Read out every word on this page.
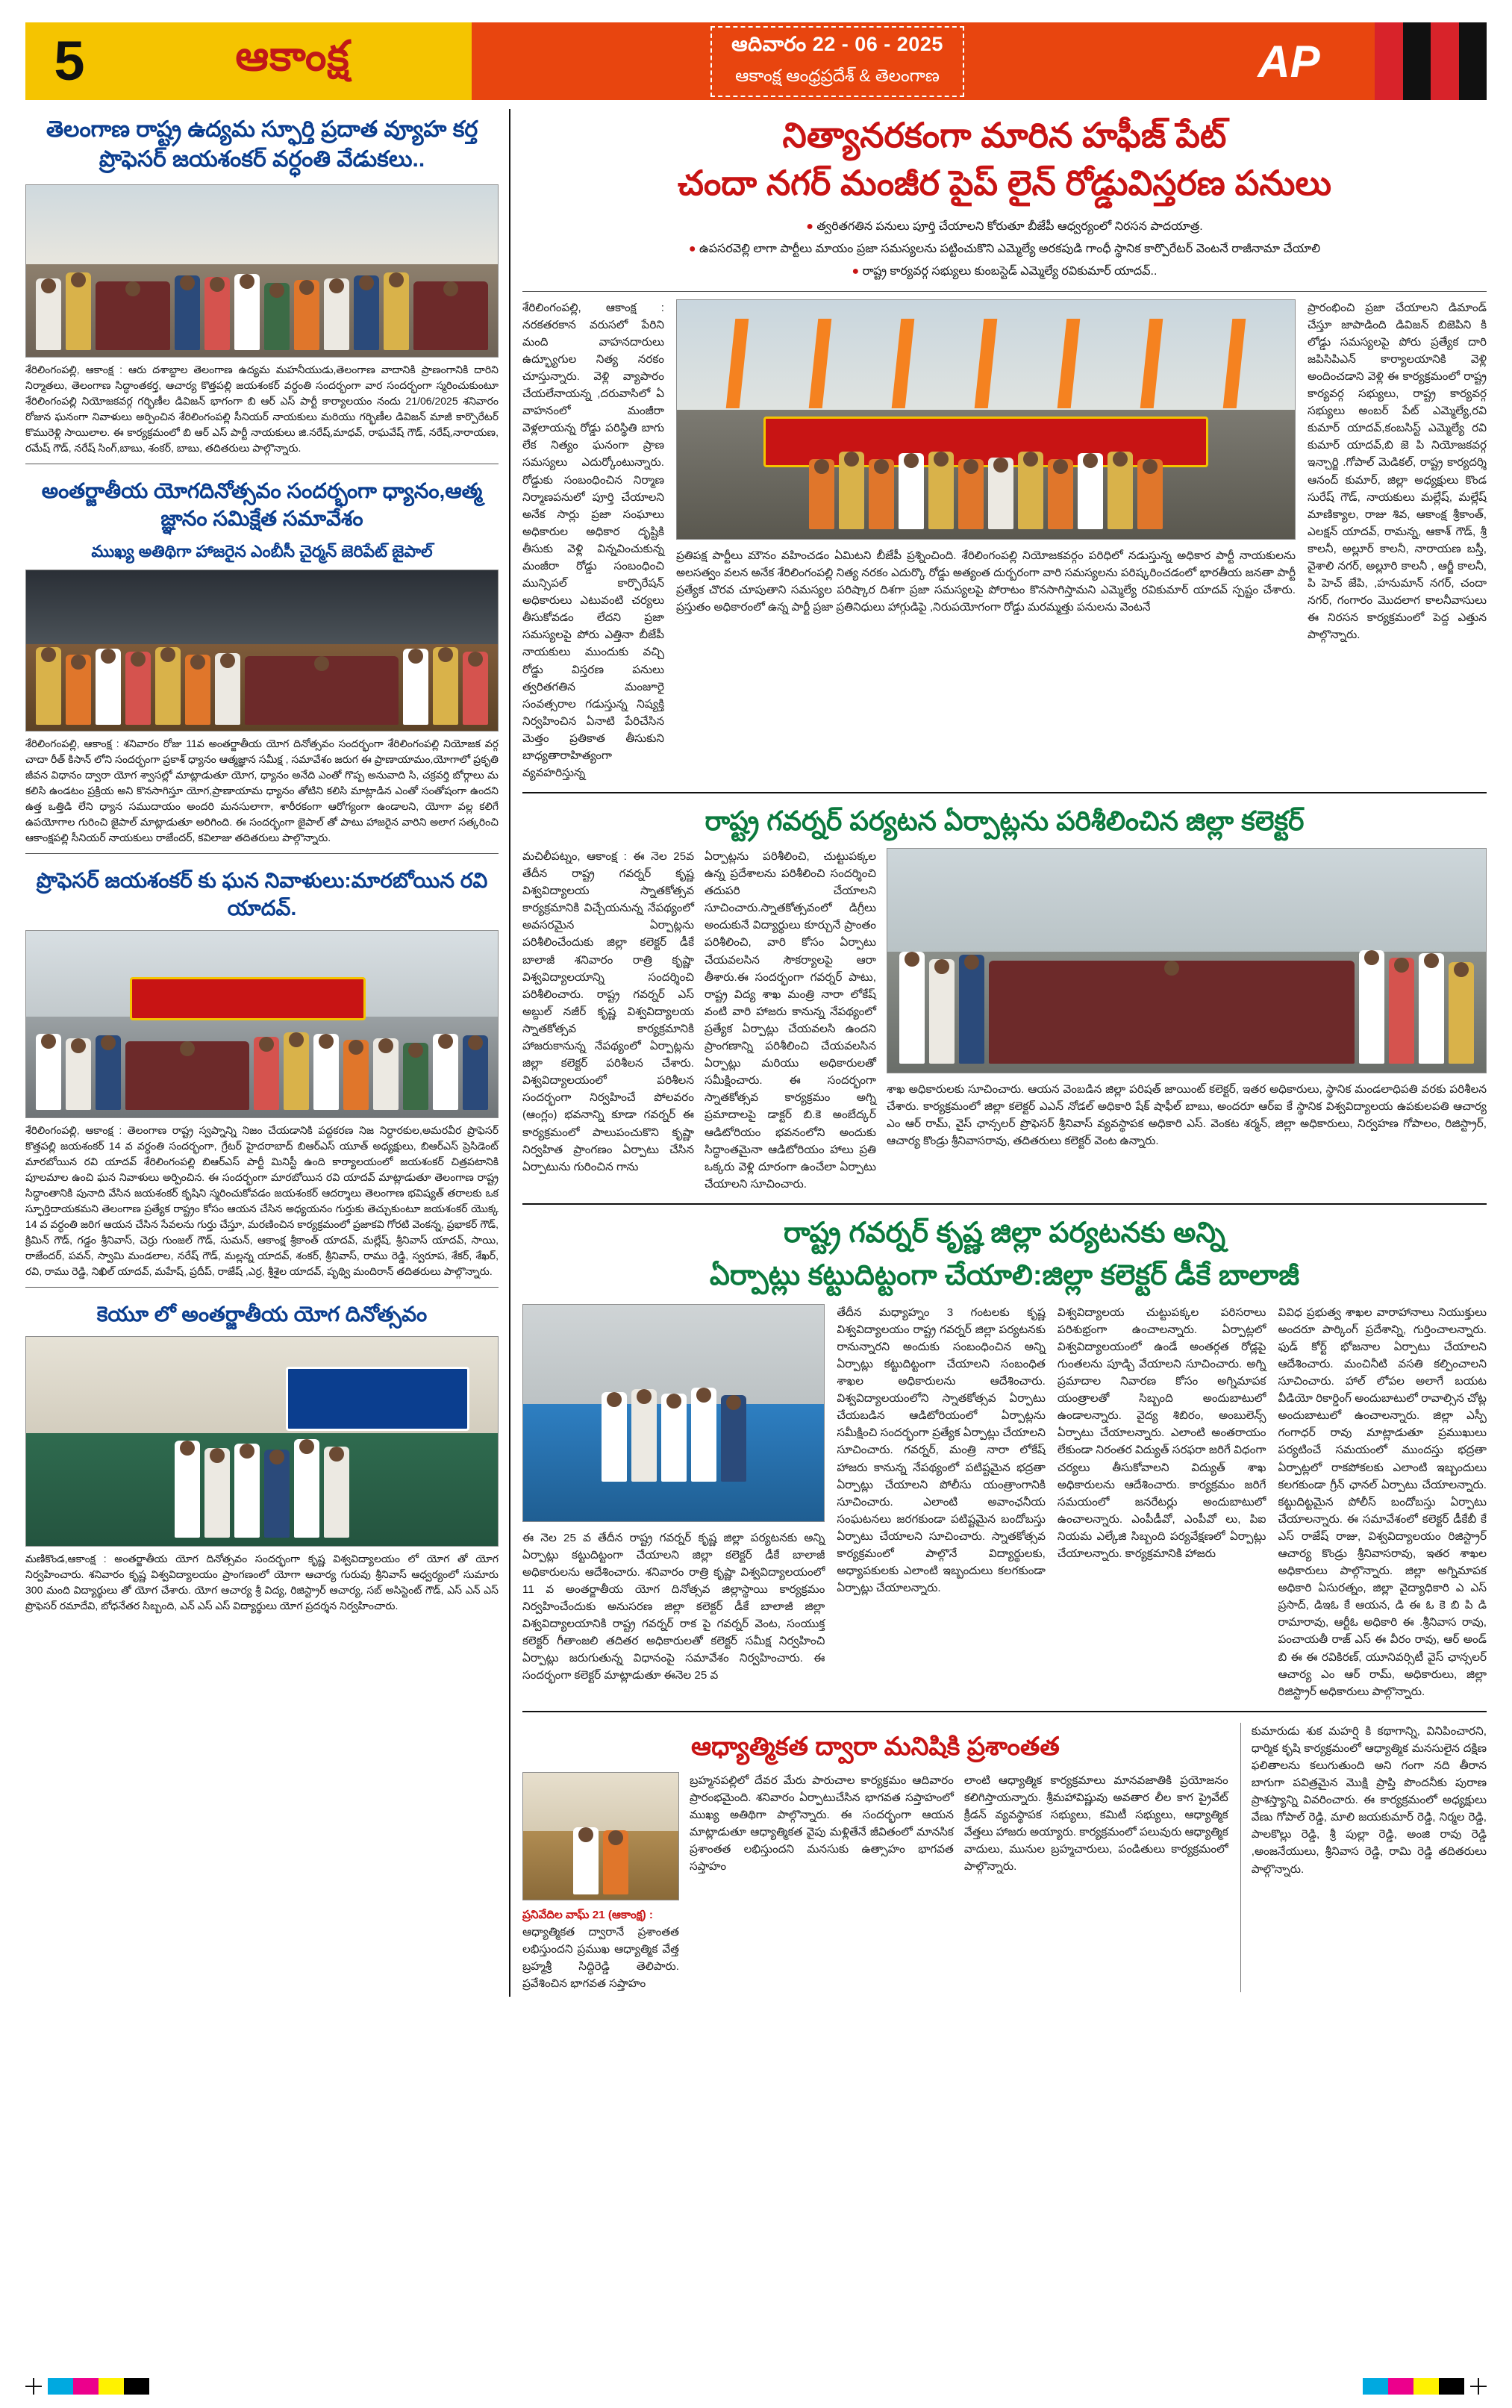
5	ఆకాంక్ష	ఆదివారం 22 - 06 - 2025
ఆకాంక్ష ఆంధ్రప్రదేశ్ & తెలంగాణ	AP
తెలంగాణ రాష్ట్ర ఉద్యమ స్ఫూర్తి ప్రదాత వ్యూహ కర్త ప్రొఫెసర్ జయశంకర్ వర్ధంతి వేడుకలు..
శేరిలింగంపల్లి, ఆకాంక్ష : ఆరు దశాబ్దాల తెలంగాణ ఉద్యమ మహనీయుడు,తెలంగాణ వాదానికి ప్రాణంగానికి దారిని నిర్మాతలు, తెలంగాణ సిద్ధాంతకర్త, ఆచార్య కొత్తపల్లి జయశంకర్ వర్ధంతి సందర్భంగా వార సందర్భంగా స్మరించుకుంటూ శేరిలింగంపల్లి నియోజకవర్గ గ‌‌ర్భిణీల డివిజన్ భాగంగా బి ఆర్ ఎస్ పార్టీ కార్యాలయం నందు 21/06/2025 శనివారం రోజున ఘనంగా నివాళులు అర్పించిన శేరిలింగంపల్లి సీనియర్ నాయకులు మరియు గ‌ర్భిణీల డివిజన్ మాజీ కార్పొరేటర్ కొమురెళ్లి సాయిలాల. ఈ కార్యక్రమంలో బి ఆర్ ఎస్ పార్టీ నాయకులు జి.నరేష్,మాధవ్, రాఘవేష్ గౌడ్, నరేష్,నారాయణ, రమేష్ గౌడ్, నరేష్ సింగ్,బాబు, శంకర్, బాబు, తదితరులు పాల్గొన్నారు.
అంతర్జాతీయ యోగదినోత్సవం సందర్భంగా ధ్యానం,ఆత్మ జ్ఞానం సమిక్షేత సమావేశం
ముఖ్య అతిథిగా హాజరైన ఎంబీసీ చైర్మన్ జెరిపేట్ జైపాల్
శేరిలింగంపల్లి, ఆకాంక్ష : శనివారం రోజు 11వ అంతర్జాతీయ యోగ దినోత్సవం సందర్భంగా శేరిలింగంపల్లి నియోజక వర్గ చాదా రీత్ కిసాన్ లోని సందర్భంగా ప్రకాశ్ ధ్యానం ఆత్మజ్ఞాన సమీక్ష , సమావేశం జరుగ ఈ ప్రాణాయామం,యోగాలో ప్రకృతి జీవన విధానం ద్వారా యోగ శ్వాసల్లో మాట్లాడుతూ యోగ, ధ్యానం అనేది ఎంతో గొప్ప అనువాది సి, చక్రవర్తి బోర్గాలు మ కలిసి ఉండటం ప్రక్రియ అని కొనసాగిస్తూ యోగ,ప్రాణాయామ ధ్యానం తోటిని కలిసి మాట్లాడిన ఎంతో సంతోషంగా ఉందని ఉత్త ఒత్తిడి లేని ధ్యాన సముదాయం అందరి మనసులాగా, శారీరకంగా ఆరోగ్యంగా ఉండాలని, యోగా వల్ల కలిగే ఉపయోగాల గురించి జైపాల్ మాట్లాడుతూ అరిగింది. ఈ సందర్భంగా జైపాల్ తో పాటు హాజరైన వారిని అలాగ సత్కరించి ఆకాంక్షపల్లి సీనియర్ నాయకులు రాజేందర్, కవిలాజు తదితరులు పాల్గొన్నారు.
ప్రొఫెసర్ జయశంకర్ కు ఘన నివాళులు:మారబోయిన రవి యాదవ్.
శేరిలింగంపల్లి, ఆకాంక్ష : తెలంగాణ రాష్ట్ర స్వప్నాన్ని నిజం చేయడానికి పద్దకరణ నిజ నిర్ధారకుల,అమరవీర ప్రొఫెసర్ కొత్తపల్లి జయశంకర్ 14 వ వర్ధంతి సందర్భంగా, గ్రేటర్ హైదరాబాద్ బిఆర్ఎస్ యూత్ అధ్యక్షులు, బిఆర్ఎస్ ప్రెసిడెంట్ మారబోయిన రవి యాదవ్ శేరిలింగంపల్లి బిఆర్ఎస్ పార్టీ మినిస్టీ ఉంది కార్యాలయంలో జయశంకర్ చిత్రపటానికి పూలమాల ఉంచి ఘన నివాళులు అర్పించిన. ఈ సందర్భంగా మారబోయిన రవి యాదవ్ మాట్లాడుతూ తెలంగాణ రాష్ట్ర సిద్ధాంతానికి పునాది వేసిన జయశంకర్ కృషిని స్మరించుకోవడం జయశంకర్ ఆదర్శాలు తెలంగాణ భవిష్యత్ తరాలకు ఒక స్ఫూర్తిదాయకమని తెలంగాణ ప్రత్యేక రాష్ట్రం కోసం ఆయన చేసిన అధ్యయనం గుర్తుకు తెచ్చుకుంటూ జయశంకర్ యొక్క 14 వ వర్ధంతి జరిగ ఆయన చేసిన సేవలను గుర్తు చేస్తూ, మరణించిన కార్యక్రమంలో ప్రజాకవి గోరటి వెంకన్న, ప్రభాకర్ గౌడ్, క్రిమిన్ గౌడ్, గడ్డం శ్రీనివాస్, చెర్రు గుంజల్ గౌడ్, సుమన్, ఆకాంక్ష శ్రీకాంత్ యాదవ్, మల్లేష్, శ్రీనివాస్ యాదవ్, సాయి, రాజేందర్, పవన్, స్వామి మండలాల, నరేష్ గౌడ్, మల్లన్న యాదవ్, శంకర్, శ్రీనివాస్, రాము రెడ్డి, స్వరూప, శేకర్, శేఖర్, రవి, రాము రెడ్డి, నిఖిల్ యాదవ్, మహేష్, ప్రదీప్, రాజేష్ ,ఎర్ర, శ్రీశైల యాదవ్, పృథ్వి మందిరాన్ తదితరులు పాల్గొన్నారు.
కెయూ లో అంతర్జాతీయ యోగ దినోత్సవం
మణికొండ,ఆకాంక్ష : అంతర్జాతీయ యోగ దినోత్సవం సందర్భంగా కృష్ణ విశ్వవిద్యాలయం లో యోగ తో యోగ నిర్వహించారు. శనివారం కృష్ణ విశ్వవిద్యాలయం ప్రాంగణంలో యోగా ఆచార్య గురువు శ్రీనివాస్ ఆధ్వర్యంలో సుమారు 300 మంది విద్యార్థులు తో యోగ చేశారు. యోగ ఆచార్య శ్రీ విద్య, రిజిస్ట్రార్ ఆచార్య, సబ్ అసిస్టెంట్ గౌడ్, ఎస్ ఎన్ ఎస్ ప్రొఫెసర్ రమాదేవి, బోధనేతర సిబ్బంది, ఎన్ ఎస్ ఎస్ విద్యార్థులు యోగ ప్రదర్శన నిర్వహించారు.
నిత్యానరకంగా మారిన హఫీజ్ పేట్
చందా నగర్ మంజీర పైప్ లైన్ రోడ్డువిస్తరణ పనులు
● త్వరితగతిన పనులు పూర్తి చేయాలని కోరుతూ బీజేపీ ఆధ్వర్యంలో నిరసన పాదయాత్ర.
● ఉపసరవెల్లి లాగా పార్టీలు మాయం ప్రజా సమస్యలను పట్టించుకొని ఎమ్మెల్యే అరకపుడి గాంధీ స్థానిక కార్పొరేటర్ వెంటనే రాజీనామా చేయాలి
● రాష్ట్ర కార్యవర్గ సభ్యులు కుంబస్టెడ్ ఎమ్మెల్యే రవికుమార్ యాదవ్..
శేరిలింగంపల్లి, ఆకాంక్ష : నరకతరకాన వరుసలో పేరిని మంది వాహనదారులు ఉద్భ్యూగుల నిత్య నరకం చూస్తున్నారు. వెళ్లి వ్యాపారం చేయలేనాయన్న ,దరువాసిలో ఏ వాహనంలో మంజీరా వెళ్లలాయన్న రోడ్డు పరిస్థితి బాగు లేక నిత్యం ఘనంగా ప్రాణ సమస్యలు ఎదుర్కోంటున్నారు. రోడ్డుకు సంబంధించిన నిర్మాణ నిర్మాణపనులో పూర్తి చేయాలని అనేక సార్లు ప్రజా సంఘాలు అధికారుల అధికార దృష్టికి తీసుకు వెళ్లి విన్నవించుకున్న మంజీరా రోడ్డు సంబంధించి మున్సిపల్ కార్పొరేషన్ అధికారులు ఎటువంటి చర్యలు తీసుకోవడం లేదని ప్రజా సమస్యలపై పోరు ఎత్తినా బీజేపీ నాయకులు ముందుకు వచ్చి రోడ్డు విస్తరణ పనులు త్వరితగతిన మంజూరై సంవత్సరాల గడుస్తున్న నిష్యక్తి నిర్వహించిన ఏనాటి పేరిచేసిన మెత్తం ప్రతికాత తీసుకుని బాధ్యతారాహిత్యంగా వ్యవహరిస్తున్న
ప్రతిపక్ష పార్టీలు మౌనం వహించడం ఏమిటని బీజేపీ ప్రశ్నించింది. శేరిలింగంపల్లి నియోజకవర్గం పరిధిలో నడుస్తున్న అధికార పార్టీ నాయకులను అలసత్వం వలన అనేక శేరిలింగంపల్లి నిత్య నరకం ఎదుర్కొ రోడ్డు అత్యంత దుర్బరంగా వారి సమస్యలను పరిష్కరించడంలో భారతీయ జనతా పార్టీ ప్రత్యేక చొరవ చూపుతాని సమస్యల పరిష్కార దిశగా ప్రజా సమస్యలపై పోరాటం కొనసాగిస్తామని ఎమ్మెల్యే రవికుమార్ యాదవ్ స్పష్టం చేశారు. ప్రస్తుతం అధికారంలో ఉన్న పార్టీ ప్రజా ప్రతినిధులు హాగ్గుడిపై ,నిరుపయోగంగా రోడ్డు మరమ్మత్తు పనులను వెంటనే
ప్రారంభించి ప్రజా చేయాలని డిమాండ్ చేస్తూ జాపాడింది డివిజన్ బిజెపిని కి లోడ్డు సమస్యలపై పోరు ప్రత్యేక దారి జపిసిపిఎన్ కార్యాలయానికి వెళ్లి అందించడాని వెళ్లి ఈ కార్యక్రమంలో రాష్ట్ర కార్యవర్గ సభ్యులు, రాష్ట్ర కార్యవర్గ సభ్యులు అంబర్ పేట్ ఎమ్మెల్యే,రవి కుమార్ యాదవ్,కంబసిస్ట్ ఎమ్మెల్యే రవి కుమార్ యాదవ్,బి జె పి నియోజకవర్గ ఇన్చార్జి .గోపాల్ మెడికల్, రాష్ట్ర కార్యదర్శి ఆనంద్ కుమార్, జిల్లా అధ్యక్షులు కొండ సురేష్ గౌడ్, నాయకులు మల్లేష్, మల్లేష్ మాణిక్యాల, రాజు శివ, ఆకాంక్ష శ్రీకాంత్, ఎలక్షన్ యాదవ్, రామన్న, ఆకాశ్ గౌడ్, శ్రీ కాలనీ, అల్లూర్ కాలనీ, నారాయణ బస్తీ, వైశాలి నగర్, అల్లూరి కాలనీ , ఆర్జీ కాలనీ, పి హెచ్ జేపి, ,హనుమాన్ నగర్, చందా నగర్, గంగారం మొదలాగ కాలనీవాసులు ఈ నిరసన కార్యక్రమంలో పెద్ద ఎత్తున పాల్గొన్నారు.
రాష్ట్ర గవర్నర్ పర్యటన ఏర్పాట్లను పరిశీలించిన జిల్లా కలెక్టర్
మచిలీపట్నం, ఆకాంక్ష : ఈ నెల 25వ తేదీన రాష్ట్ర గవర్నర్ కృష్ణ విశ్వవిద్యాలయ స్నాతకోత్సవ కార్యక్రమానికి విచ్చేయనున్న నేపథ్యంలో అవసరమైన ఏర్పాట్లను పరిశీలించేందుకు జిల్లా కలెక్టర్ డీకే బాలాజీ శనివారం రాత్రి కృష్ణా విశ్వవిద్యాలయాన్ని సందర్శించి పరిశీలించారు. రాష్ట్ర గవర్నర్ ఎస్ అబ్దుల్ నజీర్ కృష్ణ విశ్వవిద్యాలయ స్నాతకోత్సవ కార్యక్రమానికి హాజరుకానున్న నేపథ్యంలో ఏర్పాట్లను జిల్లా కలెక్టర్ పరిశీలన చేశారు. విశ్వవిద్యాలయంలో పరిశీలన సందర్భంగా నిర్వహించే పోలవరం (ఆంగ్లం) భవనాన్ని కూడా గవర్నర్ ఈ కార్యక్రమంలో పాలుపంచుకొని కృష్ణా నిర్వహిత ప్రాంగణం ఏర్పాటు చేసిన ఏర్పాటును గురించిన గాను
ఏర్పాట్లను పరిశీలించి, చుట్టుపక్కల ఉన్న ప్రదేశాలను పరిశీలించి సందర్శించి తదుపరి చేయాలని సూచించారు.స్నాతకోత్సవంలో డిగ్రీలు అందుకునే విద్యార్థులు కూర్చునే ప్రాంతం పరిశీలించి, వారి కోసం ఏర్పాటు చేయవలసిన సౌకర్యాలపై ఆరా తీశారు.ఈ సందర్భంగా గవర్నర్ పాటు, రాష్ట్ర విద్య శాఖ మంత్రి నారా లోకేష్ వంటి వారి హాజరు కానున్న నేపథ్యంలో ప్రత్యేక ఏర్పాట్లు చేయవలసి ఉందని ప్రాంగణాన్ని పరిశీలించి చేయవలసిన ఏర్పాట్లు మరియు అధికారులతో సమీక్షించారు. ఈ సందర్భంగా స్నాతకోత్సవ కార్యక్రమం అగ్ని ప్రమాదాలపై డాక్టర్ బి.కె అంబేద్కర్ ఆడిటోరియం భవనంలోని అందుకు సిద్ధాంతమైనా ఆడిటోరియం హాలు ప్రతి ఒక్కరు వెళ్లి దూరంగా ఉంచేలా ఏర్పాటు చేయాలని సూచించారు.
శాఖ అధికారులకు సూచించారు. ఆయన వెంబడిన జిల్లా పరిషత్ జాయింట్ కలెక్టర్, ఇతర అధికారులు, స్థానిక మండలాధిపతి వరకు పరిశీలన చేశారు. కార్యక్రమంలో జిల్లా కలెక్టర్ ఎఎన్ నోడల్ అధికారి షేక్ షాఫీల్ బాబు, అందరూ ఆర్ఐ కే స్థానిక విశ్వవిద్యాలయ ఉపకులపతి ఆచార్య ఎం ఆర్ రామ్, వైస్ ఛాన్సలర్ ప్రొఫెసర్ శ్రీనివాస్ వ్యవస్థాపక అధికారి ఎస్. వెంకట శర్మన్, జిల్లా అధికారులు, నిర్వహణ గోపాలం, రిజిస్ట్రార్, ఆచార్య కొండ్రు శ్రీనివాసరావు, తదితరులు కలెక్టర్ వెంట ఉన్నారు.
రాష్ట్ర గవర్నర్ కృష్ణ జిల్లా పర్యటనకు అన్ని
ఏర్పాట్లు కట్టుదిట్టంగా చేయాలి:జిల్లా కలెక్టర్ డీకే బాలాజీ
ఈ నెల 25 వ తేదీన రాష్ట్ర గవర్నర్ కృష్ణ జిల్లా పర్యటనకు అన్ని ఏర్పాట్లు కట్టుదిట్టంగా చేయాలని జిల్లా కలెక్టర్ డీకే బాలాజీ అధికారులను ఆదేశించారు. శనివారం రాత్రి కృష్ణా విశ్వవిద్యాలయంలో 11 వ అంతర్జాతీయ యోగ దినోత్సవ జిల్లాస్థాయి కార్యక్రమం నిర్వహించేందుకు అనుసరణ జిల్లా కలెక్టర్ డీకే బాలాజీ జిల్లా విశ్వవిద్యాలయానికి రాష్ట్ర గవర్నర్ రాక పై గవర్నర్ వెంట, సంయుక్త కలెక్టర్ గీతాంజలి తదితర అధికారులతో కలెక్టర్ సమీక్ష నిర్వహించి ఏర్పాట్లు జరుగుతున్న విధానంపై సమావేశం నిర్వహించారు. ఈ సందర్భంగా కలెక్టర్ మాట్లాడుతూ ఈనెల 25 వ
తేదీన మధ్యాహ్నం 3 గంటలకు కృష్ణ విశ్వవిద్యాలయం రాష్ట్ర గవర్నర్ జిల్లా పర్యటనకు రానున్నారని అందుకు సంబంధించిన అన్ని ఏర్పాట్లు కట్టుదిట్టంగా చేయాలని సంబంధిత శాఖల అధికారులను ఆదేశించారు. విశ్వవిద్యాలయంలోని స్నాతకోత్సవ ఏర్పాటు చేయబడిన ఆడిటోరియంలో ఏర్పాట్లను సమీక్షించి సందర్భంగా ప్రత్యేక ఏర్పాట్లు చేయాలని సూచించారు. గవర్నర్, మంత్రి నారా లోకేష్ హాజరు కానున్న నేపథ్యంలో పటిష్టమైన భద్రతా ఏర్పాట్లు చేయాలని పోలీసు యంత్రాంగానికి సూచించారు. ఎలాంటి అవాంఛనీయ సంఘటనలు జరగకుండా పటిష్టమైన బందోబస్తు ఏర్పాటు చేయాలని సూచించారు. స్నాతకోత్సవ కార్యక్రమంలో పాల్గొనే విద్యార్థులకు, అధ్యాపకులకు ఎలాంటి ఇబ్బందులు కలగకుండా ఏర్పాట్లు చేయాలన్నారు.
విశ్వవిద్యాలయ చుట్టుపక్కల పరిసరాలు పరిశుభ్రంగా ఉంచాలన్నారు. ఏర్పాట్లలో విశ్వవిద్యాలయంలో ఉండే అంతర్గత రోడ్లపై గుంతలను పూడ్చి వేయాలని సూచించారు. అగ్ని ప్రమాదాల నివారణ కోసం అగ్నిమాపక యంత్రాలతో సిబ్బంది అందుబాటులో ఉండాలన్నారు. వైద్య శిబిరం, అంబులెన్స్ ఏర్పాటు చేయాలన్నారు. ఎలాంటి అంతరాయం లేకుండా నిరంతర విద్యుత్ సరఫరా జరిగే విధంగా చర్యలు తీసుకోవాలని విద్యుత్ శాఖ అధికారులను ఆదేశించారు. కార్యక్రమం జరిగే సమయంలో జనరేటర్లు అందుబాటులో ఉంచాలన్నారు. ఎంపీడీవో, ఎంపీవో లు, పిఐ నియమ ఎల్కేజి సిబ్బంది పర్యవేక్షణలో ఏర్పాట్లు చేయాలన్నారు. కార్యక్రమానికి హాజరు
వివిధ ప్రభుత్వ శాఖల వారాహానాలు నియుక్తులు అందరూ పార్కింగ్ ప్రదేశాన్ని, గుర్తించాలన్నారు. ఫుడ్ కోర్ట్ భోజనాల ఏర్పాటు చేయాలని ఆదేశించారు. మంచినీటి వసతి కల్పించాలని సూచించారు. హాల్ లోపల అలాగే బయట వీడియో రికార్డింగ్ అందుబాటులో రావాల్సిన చోట్ల అందుబాటులో ఉంచాలన్నారు. జిల్లా ఎస్పీ గంగాధర్ రావు మాట్లాడుతూ ప్రముఖులు పర్యటించే సమయంలో ముందస్తు భద్రతా ఏర్పాట్లలో రాకపోకలకు ఎలాంటి ఇబ్బందులు కలగకుండా గ్రీన్ ఛానల్ ఏర్పాటు చేయాలన్నారు. కట్టుదిట్టమైన పోలీస్ బందోబస్తు ఏర్పాటు చేయాలన్నారు. ఈ సమావేశంలో కలెక్టర్ డీకేబీ కే ఎస్ రాజేష్ రాజు, విశ్వవిద్యాలయం రిజిస్ట్రార్ ఆచార్య కొండ్రు శ్రీనివాసరావు, ఇతర శాఖల అధికారులు పాల్గొన్నారు. జిల్లా అగ్నిమాపక అధికారి ఏసురత్నం, జిల్లా వైద్యాధికారి ఎ ఎస్ ప్రసాద్, డిఇఓ కే ఆయన, డి ఈ ఓ కె బి పి డి రామారావు, ఆర్టీఓ అధికారి ఈ .శ్రీనివాస రావు, పంచాయతీ రాజ్ ఎస్ ఈ వీరం రావు, ఆర్ అండ్ బి ఈ ఈ రవికిరణ్, యూనివర్సిటీ వైస్ ఛాన్సలర్ ఆచార్య ఎం ఆర్ రామ్, అధికారులు, జిల్లా రిజిస్ట్రార్ అధికారులు పాల్గొన్నారు.
ఆధ్యాత్మికత ద్వారా మనిషికి ప్రశాంతత
ప్రనివేదిల వాఘ్ 21 (ఆకాంక్ష) :
ఆధ్యాత్మికత ద్వారానే ప్రశాంతత లభిస్తుందని ప్రముఖ ఆధ్యాత్మిక వేత్త బ్రహ్మశ్రీ సిద్ధిరెడ్డి తెలిపారు. ప్రవేశించిన భాగవత సప్తాహం
బ్రహ్మనపల్లిలో దేవర మేరు పారుచాల కార్యక్రమం ఆదివారం ప్రారంభమైంది. శనివారం ఏర్పాటుచేసిన భాగవత సప్తాహంలో ముఖ్య అతిథిగా పాల్గొన్నారు. ఈ సందర్భంగా ఆయన మాట్లాడుతూ ఆధ్యాత్మికత వైపు మళ్లితేనే జీవితంలో మానసిక ప్రశాంతత లభిస్తుందని మనసుకు ఉత్సాహం భాగవత సప్తాహం
లాంటి ఆధ్యాత్మిక కార్యక్రమాలు మానవజాతికి ప్రయోజనం కలిగిస్తాయన్నారు. శ్రీమహావిష్ణువు అవతార లీల కాగ ప్రైవేట్ క్రీడన్ వ్యవస్థాపక సభ్యులు, కమిటీ సభ్యులు, ఆధ్యాత్మిక వేత్తలు హాజరు అయ్యారు. కార్యక్రమంలో పలువురు ఆధ్యాత్మిక వాదులు, మునుల బ్రహ్మచారులు, పండితులు కార్యక్రమంలో పాల్గొన్నారు.
కుమారుడు శుక మహర్షి కి కథాగాన్ని, వినిపించారని, ధార్మిక కృషి కార్యక్రమంలో ఆధ్యాత్మిక మనసులైన దక్షిణ ఫలితాలను కలుగుతుంది అని గంగా నది తీరాన బాగుగా పవిత్రమైన మొక్షి ప్రాప్తి పొందనీకు పురాణ ప్రాశస్త్యాన్ని వివరించారు. ఈ కార్యక్రమంలో అధ్యక్షులు వేణు గోపాల్ రెడ్డి, మాలి జయకుమార్ రెడ్డి, నిర్మల రెడ్డి, పాలకొల్లు రెడ్డి, శ్రీ పుల్లా రెడ్డి, అంజి రావు రెడ్డి ,అంజనేయులు, శ్రీనివాస రెడ్డి, రామి రెడ్డి తదితరులు పాల్గొన్నారు.
